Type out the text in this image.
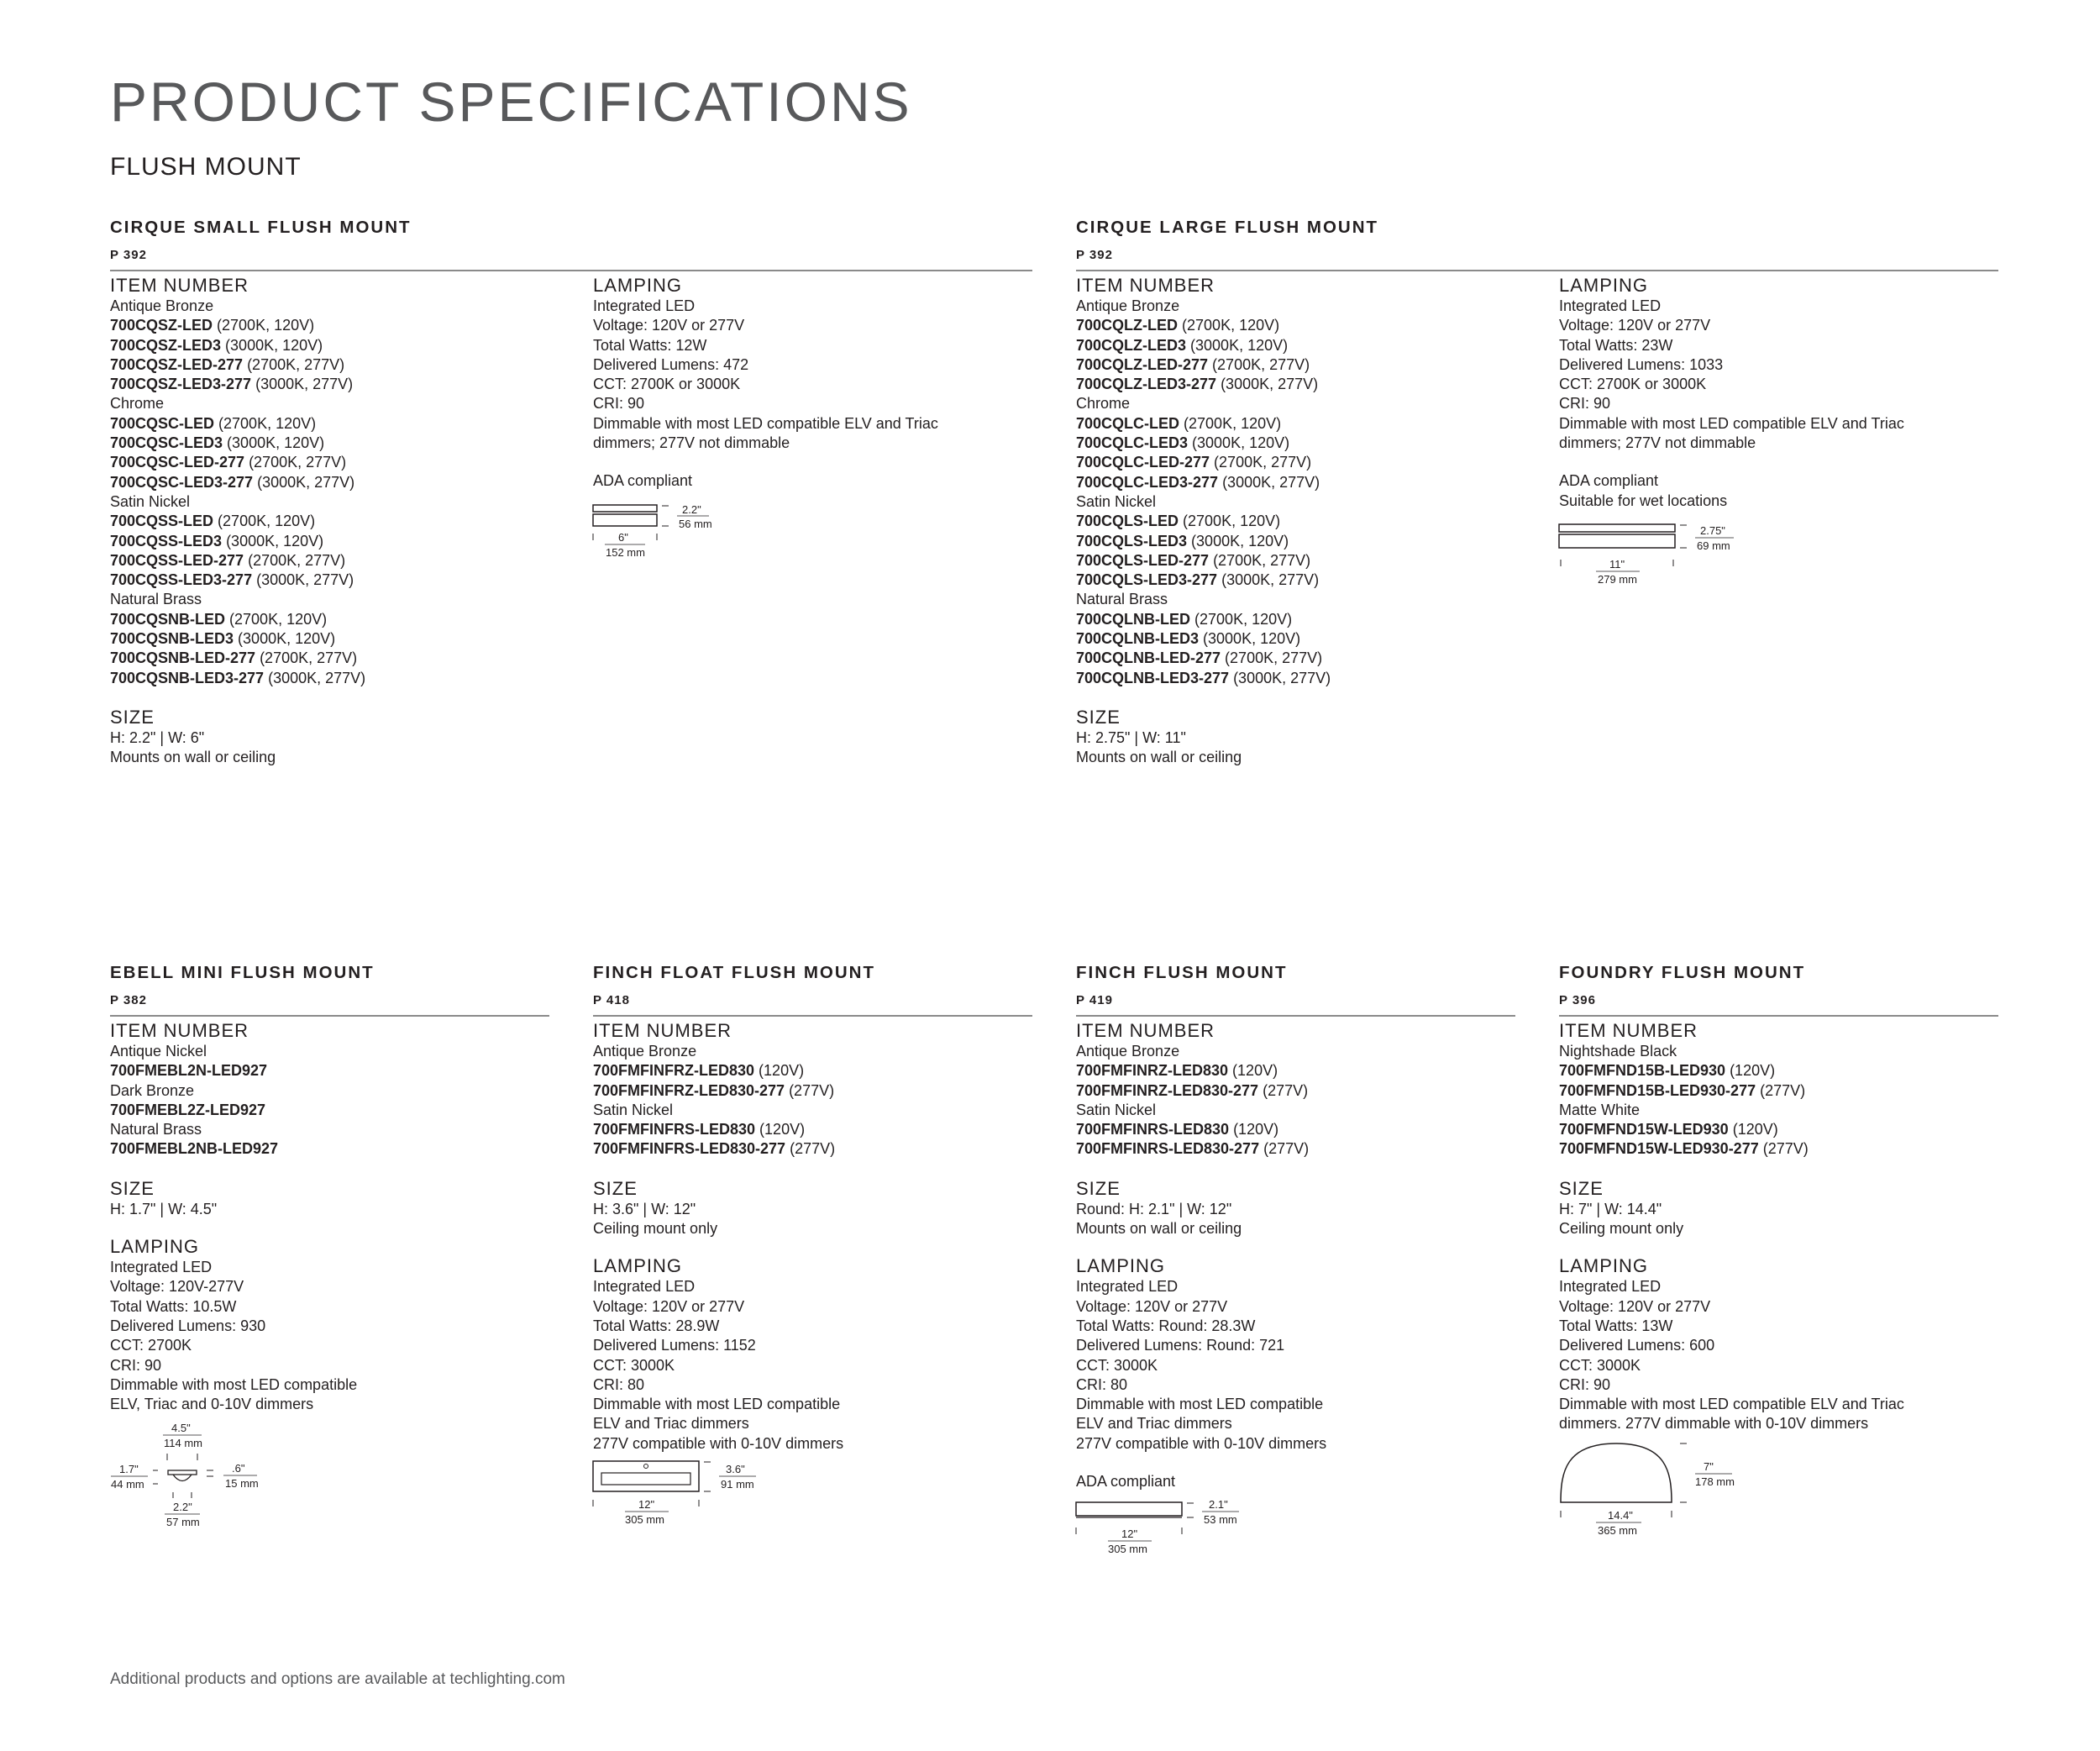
PRODUCT SPECIFICATIONS
FLUSH MOUNT
CIRQUE SMALL FLUSH MOUNT
P 392
ITEM NUMBER
Antique Bronze
700CQSZ-LED (2700K, 120V)
700CQSZ-LED3 (3000K, 120V)
700CQSZ-LED-277 (2700K, 277V)
700CQSZ-LED3-277 (3000K, 277V)
Chrome
700CQSC-LED (2700K, 120V)
700CQSC-LED3 (3000K, 120V)
700CQSC-LED-277 (2700K, 277V)
700CQSC-LED3-277 (3000K, 277V)
Satin Nickel
700CQSS-LED (2700K, 120V)
700CQSS-LED3 (3000K, 120V)
700CQSS-LED-277 (2700K, 277V)
700CQSS-LED3-277 (3000K, 277V)
Natural Brass
700CQSNB-LED (2700K, 120V)
700CQSNB-LED3 (3000K, 120V)
700CQSNB-LED-277 (2700K, 277V)
700CQSNB-LED3-277 (3000K, 277V)
SIZE
H: 2.2" | W: 6"
Mounts on wall or ceiling
LAMPING
Integrated LED
Voltage: 120V or 277V
Total Watts: 12W
Delivered Lumens: 472
CCT: 2700K or 3000K
CRI: 90
Dimmable with most LED compatible ELV and Triac
dimmers; 277V not dimmable
ADA compliant
2.2"
56 mm
6"
152 mm
CIRQUE LARGE FLUSH MOUNT
P 392
ITEM NUMBER
Antique Bronze
700CQLZ-LED (2700K, 120V)
700CQLZ-LED3 (3000K, 120V)
700CQLZ-LED-277 (2700K, 277V)
700CQLZ-LED3-277 (3000K, 277V)
Chrome
700CQLC-LED (2700K, 120V)
700CQLC-LED3 (3000K, 120V)
700CQLC-LED-277 (2700K, 277V)
700CQLC-LED3-277 (3000K, 277V)
Satin Nickel
700CQLS-LED (2700K, 120V)
700CQLS-LED3 (3000K, 120V)
700CQLS-LED-277 (2700K, 277V)
700CQLS-LED3-277 (3000K, 277V)
Natural Brass
700CQLNB-LED (2700K, 120V)
700CQLNB-LED3 (3000K, 120V)
700CQLNB-LED-277 (2700K, 277V)
700CQLNB-LED3-277 (3000K, 277V)
SIZE
H: 2.75" | W: 11"
Mounts on wall or ceiling
LAMPING
Integrated LED
Voltage: 120V or 277V
Total Watts: 23W
Delivered Lumens: 1033
CCT: 2700K or 3000K
CRI: 90
Dimmable with most LED compatible ELV and Triac
dimmers; 277V not dimmable
ADA compliant
Suitable for wet locations
2.75"
69 mm
11"
279 mm
EBELL MINI FLUSH MOUNT
P 382
ITEM NUMBER
Antique Nickel
700FMEBL2N-LED927
Dark Bronze
700FMEBL2Z-LED927
Natural Brass
700FMEBL2NB-LED927
SIZE
H: 1.7" | W: 4.5"
LAMPING
Integrated LED
Voltage: 120V-277V
Total Watts: 10.5W
Delivered Lumens: 930
CCT: 2700K
CRI: 90
Dimmable with most LED compatible
ELV, Triac and 0-10V dimmers
4.5"
114 mm
1.7"
44 mm
.6"
15 mm
2.2"
57 mm
FINCH FLOAT FLUSH MOUNT
P 418
ITEM NUMBER
Antique Bronze
700FMFINFRZ-LED830 (120V)
700FMFINFRZ-LED830-277 (277V)
Satin Nickel
700FMFINFRS-LED830 (120V)
700FMFINFRS-LED830-277 (277V)
SIZE
H: 3.6" | W: 12"
Ceiling mount only
LAMPING
Integrated LED
Voltage: 120V or 277V
Total Watts: 28.9W
Delivered Lumens: 1152
CCT: 3000K
CRI: 80
Dimmable with most LED compatible
ELV and Triac dimmers
277V compatible with 0-10V dimmers
3.6"
91 mm
12"
305 mm
FINCH FLUSH MOUNT
P 419
ITEM NUMBER
Antique Bronze
700FMFINRZ-LED830 (120V)
700FMFINRZ-LED830-277 (277V)
Satin Nickel
700FMFINRS-LED830 (120V)
700FMFINRS-LED830-277 (277V)
SIZE
Round: H: 2.1" | W: 12"
Mounts on wall or ceiling
LAMPING
Integrated LED
Voltage: 120V or 277V
Total Watts: Round: 28.3W
Delivered Lumens: Round: 721
CCT: 3000K
CRI: 80
Dimmable with most LED compatible
ELV and Triac dimmers
277V compatible with 0-10V dimmers
ADA compliant
2.1"
53 mm
12"
305 mm
FOUNDRY FLUSH MOUNT
P 396
ITEM NUMBER
Nightshade Black
700FMFND15B-LED930 (120V)
700FMFND15B-LED930-277 (277V)
Matte White
700FMFND15W-LED930 (120V)
700FMFND15W-LED930-277 (277V)
SIZE
H: 7" | W: 14.4"
Ceiling mount only
LAMPING
Integrated LED
Voltage: 120V or 277V
Total Watts: 13W
Delivered Lumens: 600
CCT: 3000K
CRI: 90
Dimmable with most LED compatible ELV and Triac
dimmers. 277V dimmable with 0-10V dimmers
7"
178 mm
14.4"
365 mm
Additional products and options are available at techlighting.com
